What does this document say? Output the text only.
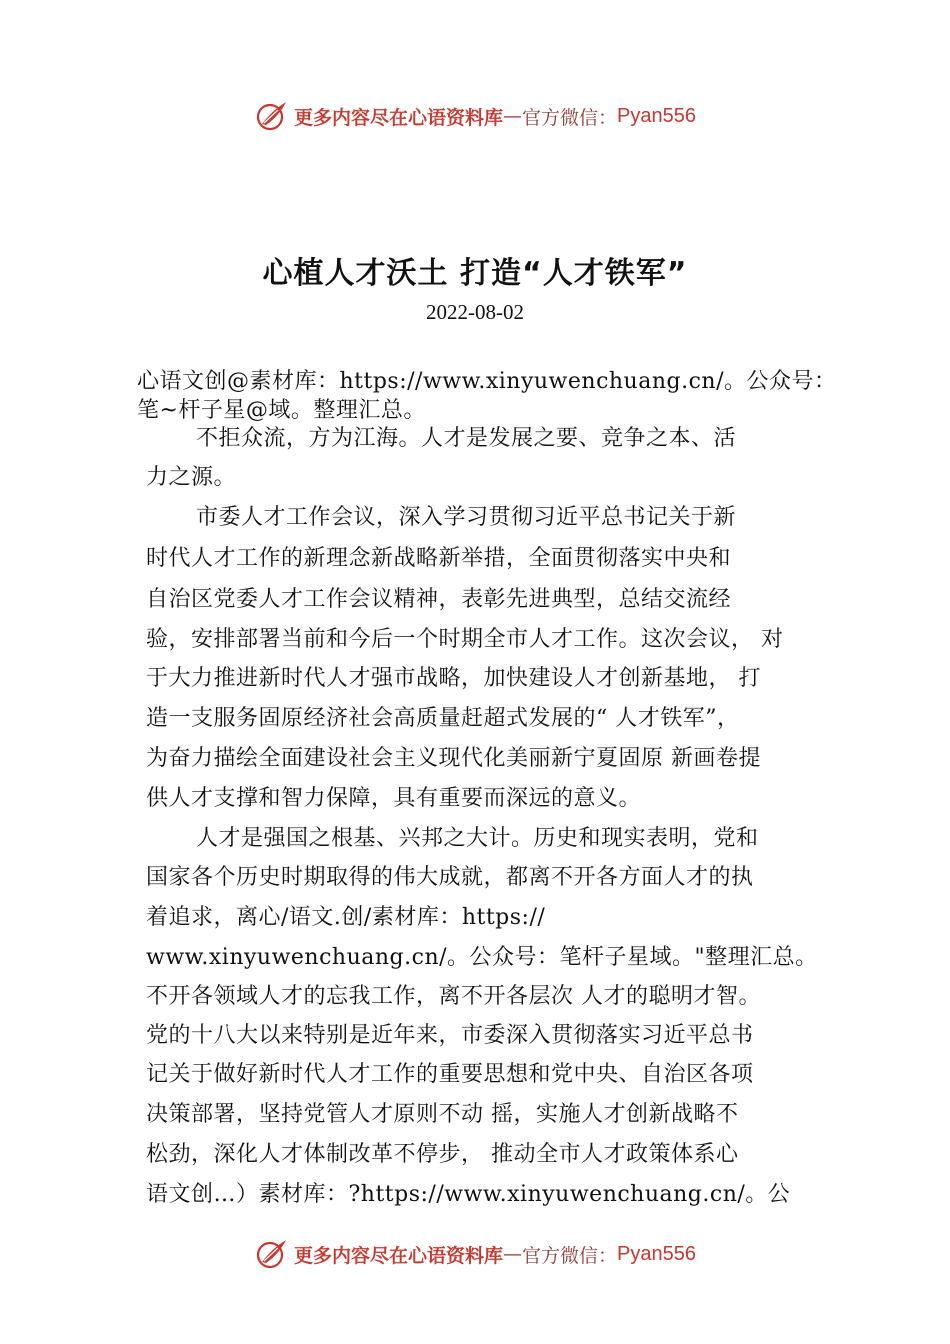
更多内容尽在心语资料库 — 官方微信： Pyan556
心植人才沃土 打造“人才铁军”
2022-08-02
心语文创@素材库：https://www.xinyuwenchuang.cn/。公众号：
笔~杆子星@域。整理汇总。
不拒众流，方为江海。人才是发展之要、竞争之本、活
力之源。
市委人才工作会议，深入学习贯彻习近平总书记关于新
时代人才工作的新理念新战略新举措，全面贯彻落实中央和
自治区党委人才工作会议精神，表彰先进典型，总结交流经
验，安排部署当前和今后一个时期全市人才工作。这次会议， 对
于大力推进新时代人才强市战略，加快建设人才创新基地， 打
造一支服务固原经济社会高质量赶超式发展的“ 人才铁军”，
为奋力描绘全面建设社会主义现代化美丽新宁夏固原 新画卷提
供人才支撑和智力保障，具有重要而深远的意义。
人才是强国之根基、兴邦之大计。历史和现实表明，党和
国家各个历史时期取得的伟大成就，都离不开各方面人才的执
着追求，离心/语文.创/素材库：https://
www.xinyuwenchuang.cn/。公众号：笔杆子星域。"整理汇总。
不开各领域人才的忘我工作，离不开各层次 人才的聪明才智。
党的十八大以来特别是近年来，市委深入贯彻落实习近平总书
记关于做好新时代人才工作的重要思想和党中央、自治区各项
决策部署，坚持党管人才原则不动 摇，实施人才创新战略不
松劲，深化人才体制改革不停步， 推动全市人才政策体系心
语文创…）素材库：?https://www.xinyuwenchuang.cn/。公
更多内容尽在心语资料库 — 官方微信： Pyan556
